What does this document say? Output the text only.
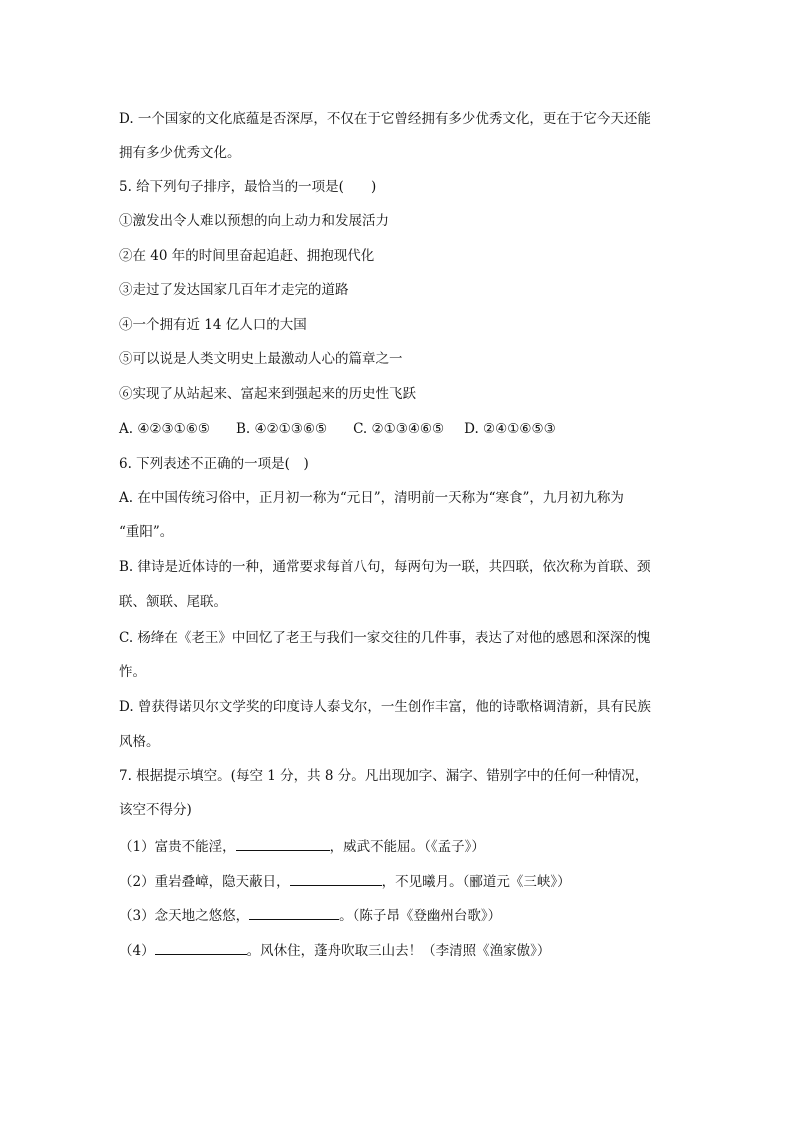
D. 一个国家的文化底蕴是否深厚，不仅在于它曾经拥有多少优秀文化，更在于它今天还能
拥有多少优秀文化。
5. 给下列句子排序，最恰当的一项是(　　)
①激发出令人难以预想的向上动力和发展活力
②在 40 年的时间里奋起追赶、拥抱现代化
③走过了发达国家几百年才走完的道路
④一个拥有近 14 亿人口的大国
⑤可以说是人类文明史上最激动人心的篇章之一
⑥实现了从站起来、富起来到强起来的历史性飞跃
A. ④②③①⑥⑤ B. ④②①③⑥⑤ C. ②①③④⑥⑤ D. ②④①⑥⑤③
6. 下列表述不正确的一项是(　)
A. 在中国传统习俗中，正月初一称为“元日”，清明前一天称为“寒食”，九月初九称为
“重阳”。
B. 律诗是近体诗的一种，通常要求每首八句，每两句为一联，共四联，依次称为首联、颈
联、颔联、尾联。
C. 杨绛在《老王》中回忆了老王与我们一家交往的几件事，表达了对他的感恩和深深的愧
怍。
D. 曾获得诺贝尔文学奖的印度诗人泰戈尔，一生创作丰富，他的诗歌格调清新，具有民族
风格。
7. 根据提示填空。(每空 1 分，共 8 分。凡出现加字、漏字、错别字中的任何一种情况，
该空不得分)
（1）富贵不能淫，	，威武不能屈。（《孟子》）
（2）重岩叠嶂，隐天蔽日，	，不见曦月。（郦道元《三峡》）
（3）念天地之悠悠，	。（陈子昂《登幽州台歌》）
（4）	。风休住，蓬舟吹取三山去！（李清照《渔家傲》）
